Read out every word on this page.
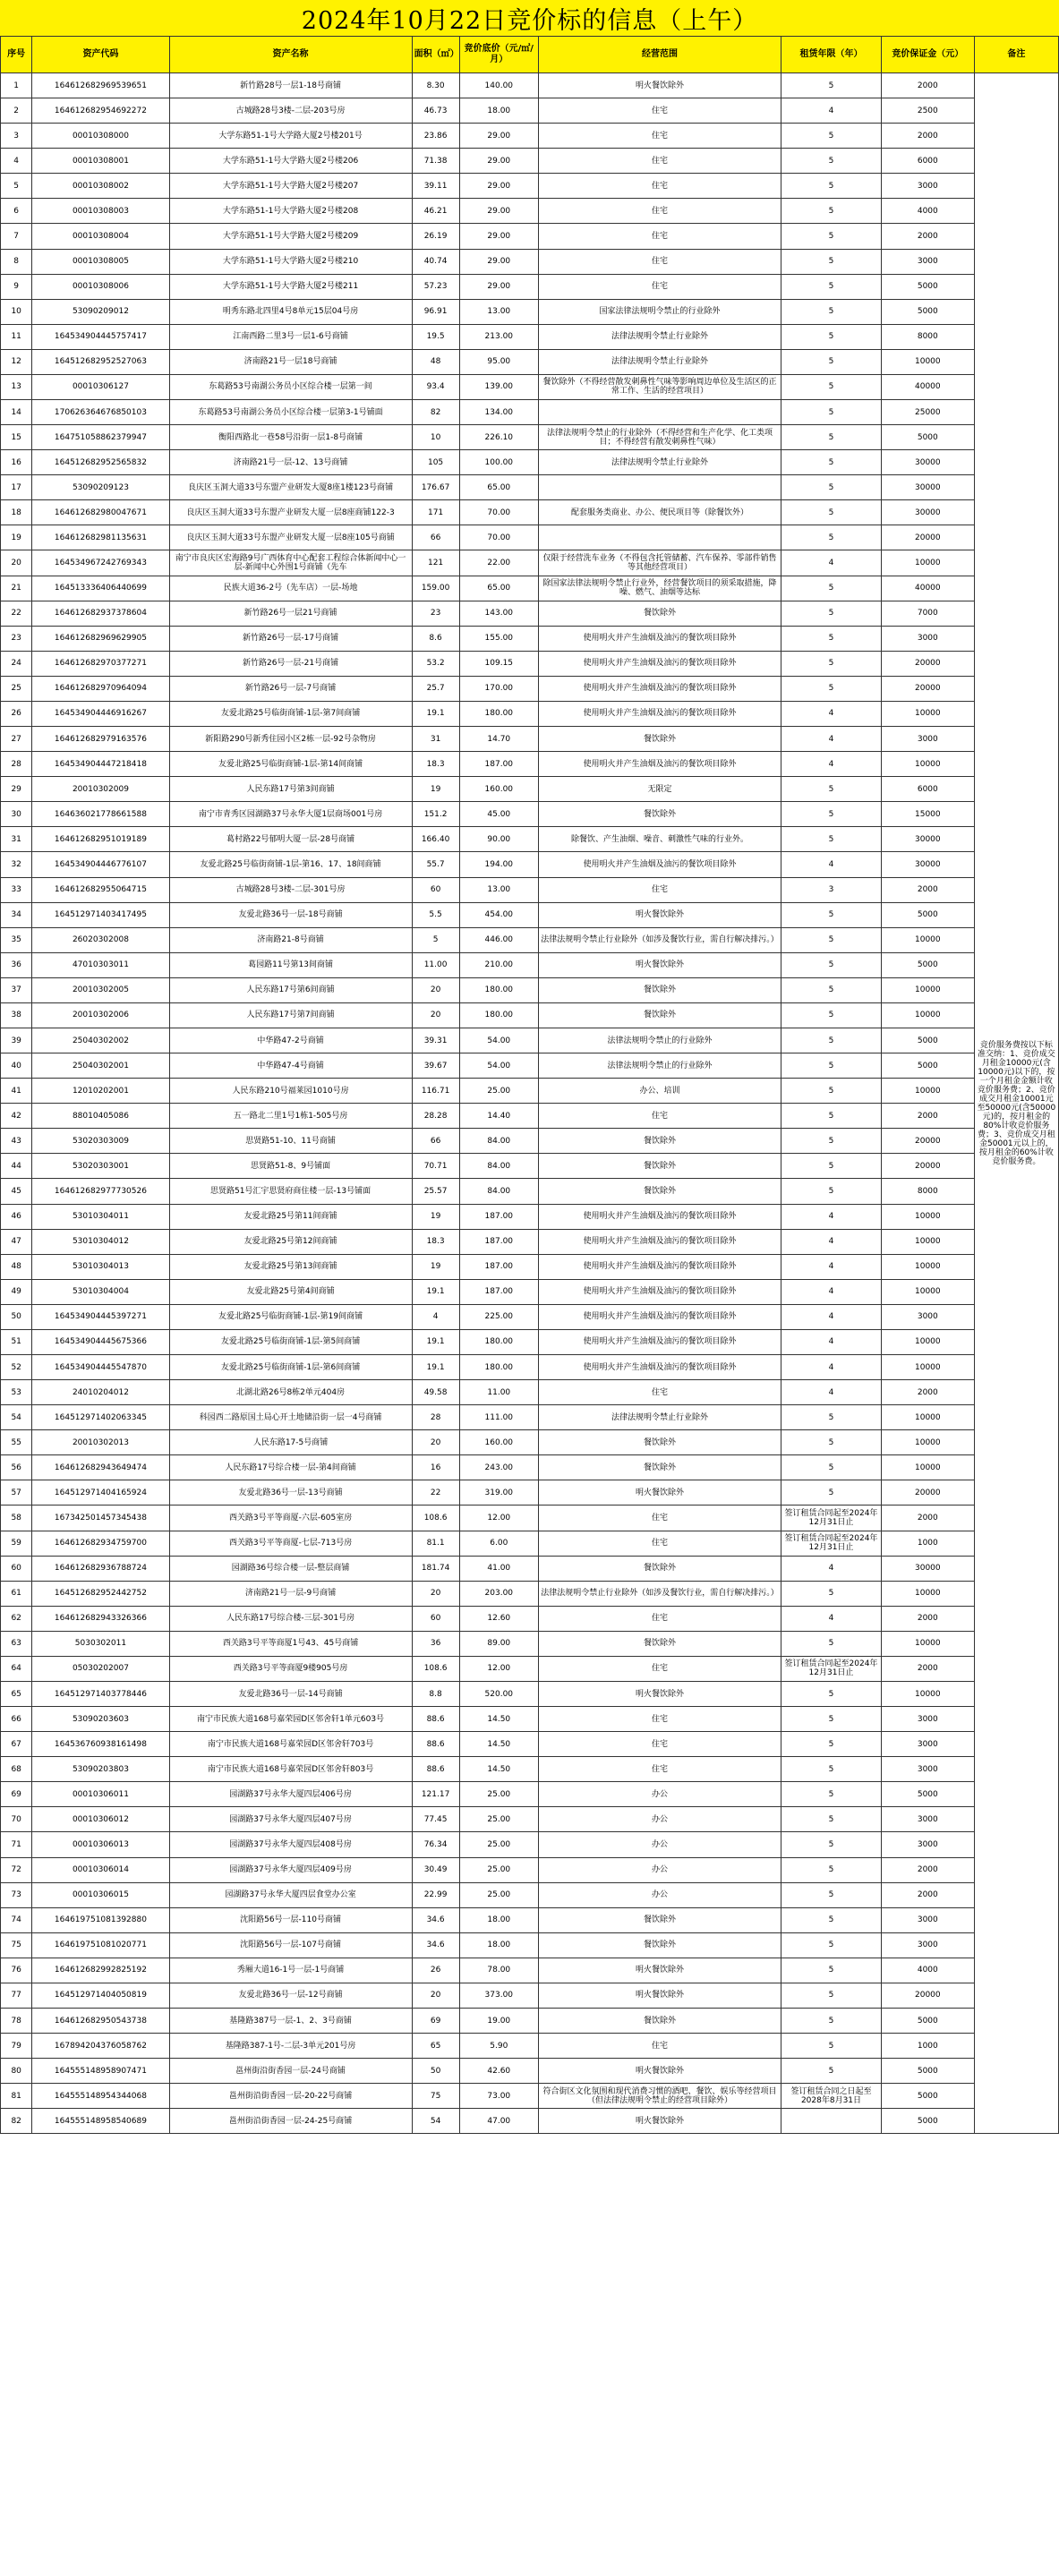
2024年10月22日竞价标的信息（上午）
序号	资产代码	资产名称	面积（㎡）	竞价底价（元/㎡/月）	经营范围	租赁年限（年）	竞价保证金（元）	备注
1	164612682969539651	新竹路28号一层1-18号商铺	8.30	140.00	明火餐饮除外	5	2000	竞价服务费按以下标准交纳：1、竞价成交月租金10000元(含10000元)以下的，按一个月租金金额计收竞价服务费；2、竞价成交月租金10001元至50000元(含50000元)的，按月租金的80%计收竞价服务费；3、竞价成交月租金50001元以上的，按月租金的60%计收竞价服务费。
2	164612682954692272	古城路28号3楼-二层-203号房	46.73	18.00	住宅	4	2500	
3	00010308000	大学东路51-1号大学路大厦2号楼201号	23.86	29.00	住宅	5	2000	
4	00010308001	大学东路51-1号大学路大厦2号楼206	71.38	29.00	住宅	5	6000	
5	00010308002	大学东路51-1号大学路大厦2号楼207	39.11	29.00	住宅	5	3000	
6	00010308003	大学东路51-1号大学路大厦2号楼208	46.21	29.00	住宅	5	4000	
7	00010308004	大学东路51-1号大学路大厦2号楼209	26.19	29.00	住宅	5	2000	
8	00010308005	大学东路51-1号大学路大厦2号楼210	40.74	29.00	住宅	5	3000	
9	00010308006	大学东路51-1号大学路大厦2号楼211	57.23	29.00	住宅	5	5000	
10	53090209012	明秀东路北四里4号8单元15层04号房	96.91	13.00	国家法律法规明令禁止的行业除外	5	5000	
11	164534904445757417	江南西路二里3号一层1-6号商铺	19.5	213.00	法律法规明令禁止行业除外	5	8000	
12	164512682952527063	济南路21号一层18号商铺	48	95.00	法律法规明令禁止行业除外	5	10000	
13	00010306127	东葛路53号南湖公务员小区综合楼一层第一间	93.4	139.00	餐饮除外（不得经营散发刺鼻性气味等影响周边单位及生活区的正常工作、生活的经营项目）	5	40000	
14	170626364676850103	东葛路53号南湖公务员小区综合楼一层第3-1号铺面	82	134.00		5	25000	
15	164751058862379947	衡阳西路北一巷58号沿街一层1-8号商铺	10	226.10	法律法规明令禁止的行业除外（不得经营和生产化学、化工类项目；不得经营有散发刺鼻性气味）	5	5000	
16	164512682952565832	济南路21号一层-12、13号商铺	105	100.00	法律法规明令禁止行业除外	5	30000	
17	53090209123	良庆区玉洞大道33号东盟产业研发大厦8座1楼123号商铺	176.67	65.00		5	30000	
18	164612682980047671	良庆区玉洞大道33号东盟产业研发大厦一层8座商铺122-3	171	70.00	配套服务类商业、办公、便民项目等（除餐饮外）	5	30000	
19	164612682981135631	良庆区玉洞大道33号东盟产业研发大厦一层8座105号商铺	66	70.00		5	20000	
20	164534967242769343	南宁市良庆区宏海路9号广西体育中心配套工程综合体新闻中心一层-新闻中心外围1号商铺（先车	121	22.00	仅限于经营洗车业务（不得包含托管储蓄、汽车保养、零部件销售等其他经营项目）	4	10000	
21	164513336406440699	民族大道36-2号（先车店）一层-场地	159.00	65.00	除国家法律法规明令禁止行业外，经营餐饮项目的须采取措施，降噪、燃气、油烟等达标	5	40000	
22	164612682937378604	新竹路26号一层21号商铺	23	143.00	餐饮除外	5	7000	
23	164612682969629905	新竹路26号一层-17号商铺	8.6	155.00	使用明火并产生油烟及油污的餐饮项目除外	5	3000	
24	164612682970377271	新竹路26号一层-21号商铺	53.2	109.15	使用明火并产生油烟及油污的餐饮项目除外	5	20000	
25	164612682970964094	新竹路26号一层-7号商铺	25.7	170.00	使用明火并产生油烟及油污的餐饮项目除外	5	20000	
26	164534904446916267	友爱北路25号临街商铺-1层-第7间商铺	19.1	180.00	使用明火并产生油烟及油污的餐饮项目除外	4	10000	
27	164612682979163576	新阳路290号新秀住园小区2栋一层-92号杂物房	31	14.70	餐饮除外	4	3000	
28	164534904447218418	友爱北路25号临街商铺-1层-第14间商铺	18.3	187.00	使用明火并产生油烟及油污的餐饮项目除外	4	10000	
29	20010302009	人民东路17号第3间商铺	19	160.00	无限定	5	6000	
30	164636021778661588	南宁市青秀区园湖路37号永华大厦1层商场001号房	151.2	45.00	餐饮除外	5	15000	
31	164612682951019189	葛村路22号郁明大厦一层-28号商铺	166.40	90.00	除餐饮、产生油烟、噪音、刺激性气味的行业外。	5	30000	
32	164534904446776107	友爱北路25号临街商铺-1层-第16、17、18间商铺	55.7	194.00	使用明火并产生油烟及油污的餐饮项目除外	4	30000	
33	164612682955064715	古城路28号3楼-二层-301号房	60	13.00	住宅	3	2000	
34	164512971403417495	友爱北路36号一层-18号商铺	5.5	454.00	明火餐饮除外	5	5000	
35	26020302008	济南路21-8号商铺	5	446.00	法律法规明令禁止行业除外（如涉及餐饮行业，需自行解决排污。）	5	10000	
36	47010303011	葛园路11号第13间商铺	11.00	210.00	明火餐饮除外	5	5000	
37	20010302005	人民东路17号第6间商铺	20	180.00	餐饮除外	5	10000	
38	20010302006	人民东路17号第7间商铺	20	180.00	餐饮除外	5	10000	
39	25040302002	中华路47-2号商铺	39.31	54.00	法律法规明令禁止的行业除外	5	5000	
40	25040302001	中华路47-4号商铺	39.67	54.00	法律法规明令禁止的行业除外	5	5000	
41	12010202001	人民东路210号福莱园1010号房	116.71	25.00	办公、培训	5	10000	
42	88010405086	五一路北二里1号1栋1-505号房	28.28	14.40	住宅	5	2000	
43	53020303009	思贤路51-10、11号商铺	66	84.00	餐饮除外	5	20000	
44	53020303001	思贤路51-8、9号铺面	70.71	84.00	餐饮除外	5	20000	
45	164612682977730526	思贤路51号汇宇思贤府商住楼一层-13号铺面	25.57	84.00	餐饮除外	5	8000	
46	53010304011	友爱北路25号第11间商铺	19	187.00	使用明火并产生油烟及油污的餐饮项目除外	4	10000	
47	53010304012	友爱北路25号第12间商铺	18.3	187.00	使用明火并产生油烟及油污的餐饮项目除外	4	10000	
48	53010304013	友爱北路25号第13间商铺	19	187.00	使用明火并产生油烟及油污的餐饮项目除外	4	10000	
49	53010304004	友爱北路25号第4间商铺	19.1	187.00	使用明火并产生油烟及油污的餐饮项目除外	4	10000	
50	164534904445397271	友爱北路25号临街商铺-1层-第19间商铺	4	225.00	使用明火并产生油烟及油污的餐饮项目除外	4	3000	
51	164534904445675366	友爱北路25号临街商铺-1层-第5间商铺	19.1	180.00	使用明火并产生油烟及油污的餐饮项目除外	4	10000	
52	164534904445547870	友爱北路25号临街商铺-1层-第6间商铺	19.1	180.00	使用明火并产生油烟及油污的餐饮项目除外	4	10000	
53	24010204012	北湖北路26号8栋2单元404房	49.58	11.00	住宅	4	2000	
54	164512971402063345	科园西二路原国土局心开土地储沿街一层一4号商铺	28	111.00	法律法规明令禁止行业除外	5	10000	
55	20010302013	人民东路17-5号商铺	20	160.00	餐饮除外	5	10000	
56	164612682943649474	人民东路17号综合楼一层-第4间商铺	16	243.00	餐饮除外	5	10000	
57	164512971404165924	友爱北路36号一层-13号商铺	22	319.00	明火餐饮除外	5	20000	
58	167342501457345438	西关路3号平等商厦-六层-605室房	108.6	12.00	住宅	签订租赁合同起至2024年12月31日止	2000	
59	164612682934759700	西关路3号平等商厦-七层-713号房	81.1	6.00	住宅	签订租赁合同起至2024年12月31日止	1000	
60	164612682936788724	园湖路36号综合楼一层-整层商铺	181.74	41.00	餐饮除外	4	30000	
61	164512682952442752	济南路21号一层-9号商铺	20	203.00	法律法规明令禁止行业除外（如涉及餐饮行业，需自行解决排污。）	5	10000	
62	164612682943326366	人民东路17号综合楼-三层-301号房	60	12.60	住宅	4	2000	
63	5030302011	西关路3号平等商厦1号43、45号商铺	36	89.00	餐饮除外	5	10000	
64	05030202007	西关路3号平等商厦9楼905号房	108.6	12.00	住宅	签订租赁合同起至2024年12月31日止	2000	
65	164512971403778446	友爱北路36号一层-14号商铺	8.8	520.00	明火餐饮除外	5	10000	
66	53090203603	南宁市民族大道168号嘉荣园D区邻舍轩1单元603号	88.6	14.50	住宅	5	3000	
67	164536760938161498	南宁市民族大道168号嘉荣园D区邻舍轩703号	88.6	14.50	住宅	5	3000	
68	53090203803	南宁市民族大道168号嘉荣园D区邻舍轩803号	88.6	14.50	住宅	5	3000	
69	00010306011	园湖路37号永华大厦四层406号房	121.17	25.00	办公	5	5000	
70	00010306012	园湖路37号永华大厦四层407号房	77.45	25.00	办公	5	3000	
71	00010306013	园湖路37号永华大厦四层408号房	76.34	25.00	办公	5	3000	
72	00010306014	园湖路37号永华大厦四层409号房	30.49	25.00	办公	5	2000	
73	00010306015	园湖路37号永华大厦四层食堂办公室	22.99	25.00	办公	5	2000	
74	164619751081392880	沈阳路56号一层-110号商铺	34.6	18.00	餐饮除外	5	3000	
75	164619751081020771	沈阳路56号一层-107号商铺	34.6	18.00	餐饮除外	5	3000	
76	164612682992825192	秀厢大道16-1号一层-1号商铺	26	78.00	明火餐饮除外	5	4000	
77	164512971404050819	友爱北路36号一层-12号商铺	20	373.00	明火餐饮除外	5	20000	
78	164612682950543738	基隆路387号一层-1、2、3号商铺	69	19.00	餐饮除外	5	5000	
79	167894204376058762	基隆路387-1号-二层-3单元201号房	65	5.90	住宅	5	1000	
80	164555148958907471	邕州街沿街香园一层-24号商铺	50	42.60	明火餐饮除外	5	5000	
81	164555148954344068	邕州街沿街香园一层-20-22号商铺	75	73.00	符合街区文化氛围和现代消费习惯的酒吧、餐饮、娱乐等经营项目（但法律法规明令禁止的经营项目除外）	签订租赁合同之日起至2028年8月31日	5000	
82	164555148958540689	邕州街沿街香园一层-24-25号商铺	54	47.00	明火餐饮除外		5000	
